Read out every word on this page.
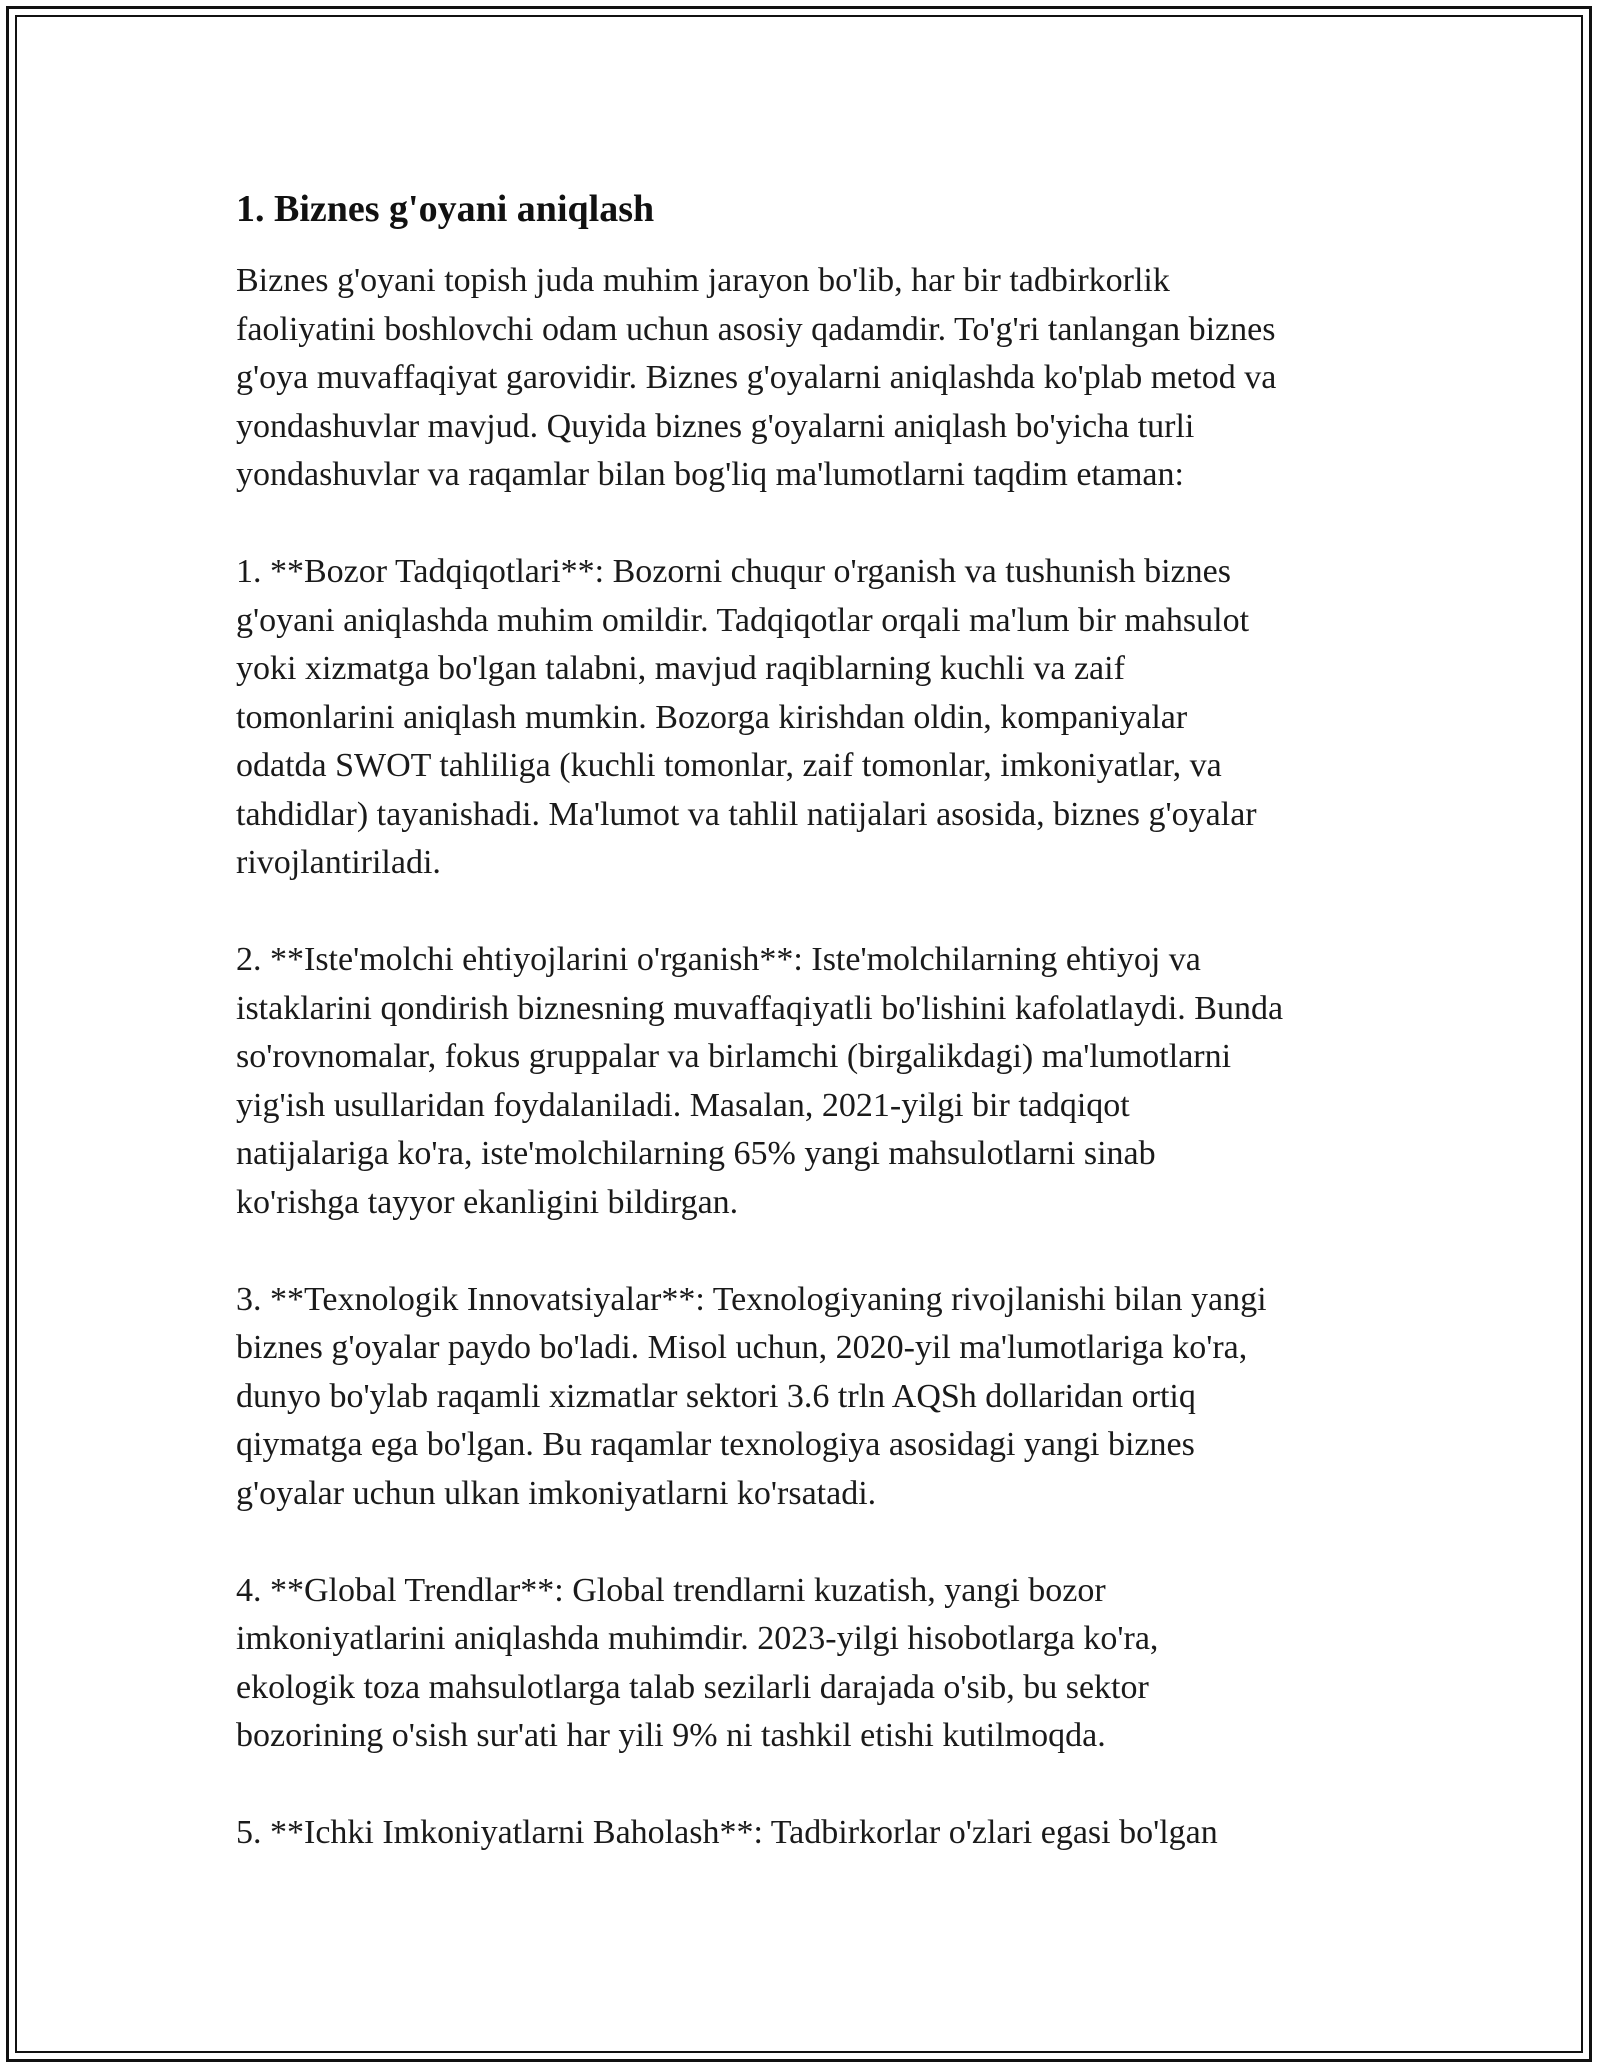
1. Biznes g'oyani aniqlash
Biznes g'oyani topish juda muhim jarayon bo'lib, har bir tadbirkorlik
faoliyatini boshlovchi odam uchun asosiy qadamdir. To'g'ri tanlangan biznes
g'oya muvaffaqiyat garovidir. Biznes g'oyalarni aniqlashda ko'plab metod va
yondashuvlar mavjud. Quyida biznes g'oyalarni aniqlash bo'yicha turli
yondashuvlar va raqamlar bilan bog'liq ma'lumotlarni taqdim etaman:
1. **Bozor Tadqiqotlari**: Bozorni chuqur o'rganish va tushunish biznes
g'oyani aniqlashda muhim omildir. Tadqiqotlar orqali ma'lum bir mahsulot
yoki xizmatga bo'lgan talabni, mavjud raqiblarning kuchli va zaif
tomonlarini aniqlash mumkin. Bozorga kirishdan oldin, kompaniyalar
odatda SWOT tahliliga (kuchli tomonlar, zaif tomonlar, imkoniyatlar, va
tahdidlar) tayanishadi. Ma'lumot va tahlil natijalari asosida, biznes g'oyalar
rivojlantiriladi.
2. **Iste'molchi ehtiyojlarini o'rganish**: Iste'molchilarning ehtiyoj va
istaklarini qondirish biznesning muvaffaqiyatli bo'lishini kafolatlaydi. Bunda
so'rovnomalar, fokus gruppalar va birlamchi (birgalikdagi) ma'lumotlarni
yig'ish usullaridan foydalaniladi. Masalan, 2021-yilgi bir tadqiqot
natijalariga ko'ra, iste'molchilarning 65% yangi mahsulotlarni sinab
ko'rishga tayyor ekanligini bildirgan.
3. **Texnologik Innovatsiyalar**: Texnologiyaning rivojlanishi bilan yangi
biznes g'oyalar paydo bo'ladi. Misol uchun, 2020-yil ma'lumotlariga ko'ra,
dunyo bo'ylab raqamli xizmatlar sektori 3.6 trln AQSh dollaridan ortiq
qiymatga ega bo'lgan. Bu raqamlar texnologiya asosidagi yangi biznes
g'oyalar uchun ulkan imkoniyatlarni ko'rsatadi.
4. **Global Trendlar**: Global trendlarni kuzatish, yangi bozor
imkoniyatlarini aniqlashda muhimdir. 2023-yilgi hisobotlarga ko'ra,
ekologik toza mahsulotlarga talab sezilarli darajada o'sib, bu sektor
bozorining o'sish sur'ati har yili 9% ni tashkil etishi kutilmoqda.
5. **Ichki Imkoniyatlarni Baholash**: Tadbirkorlar o'zlari egasi bo'lgan
